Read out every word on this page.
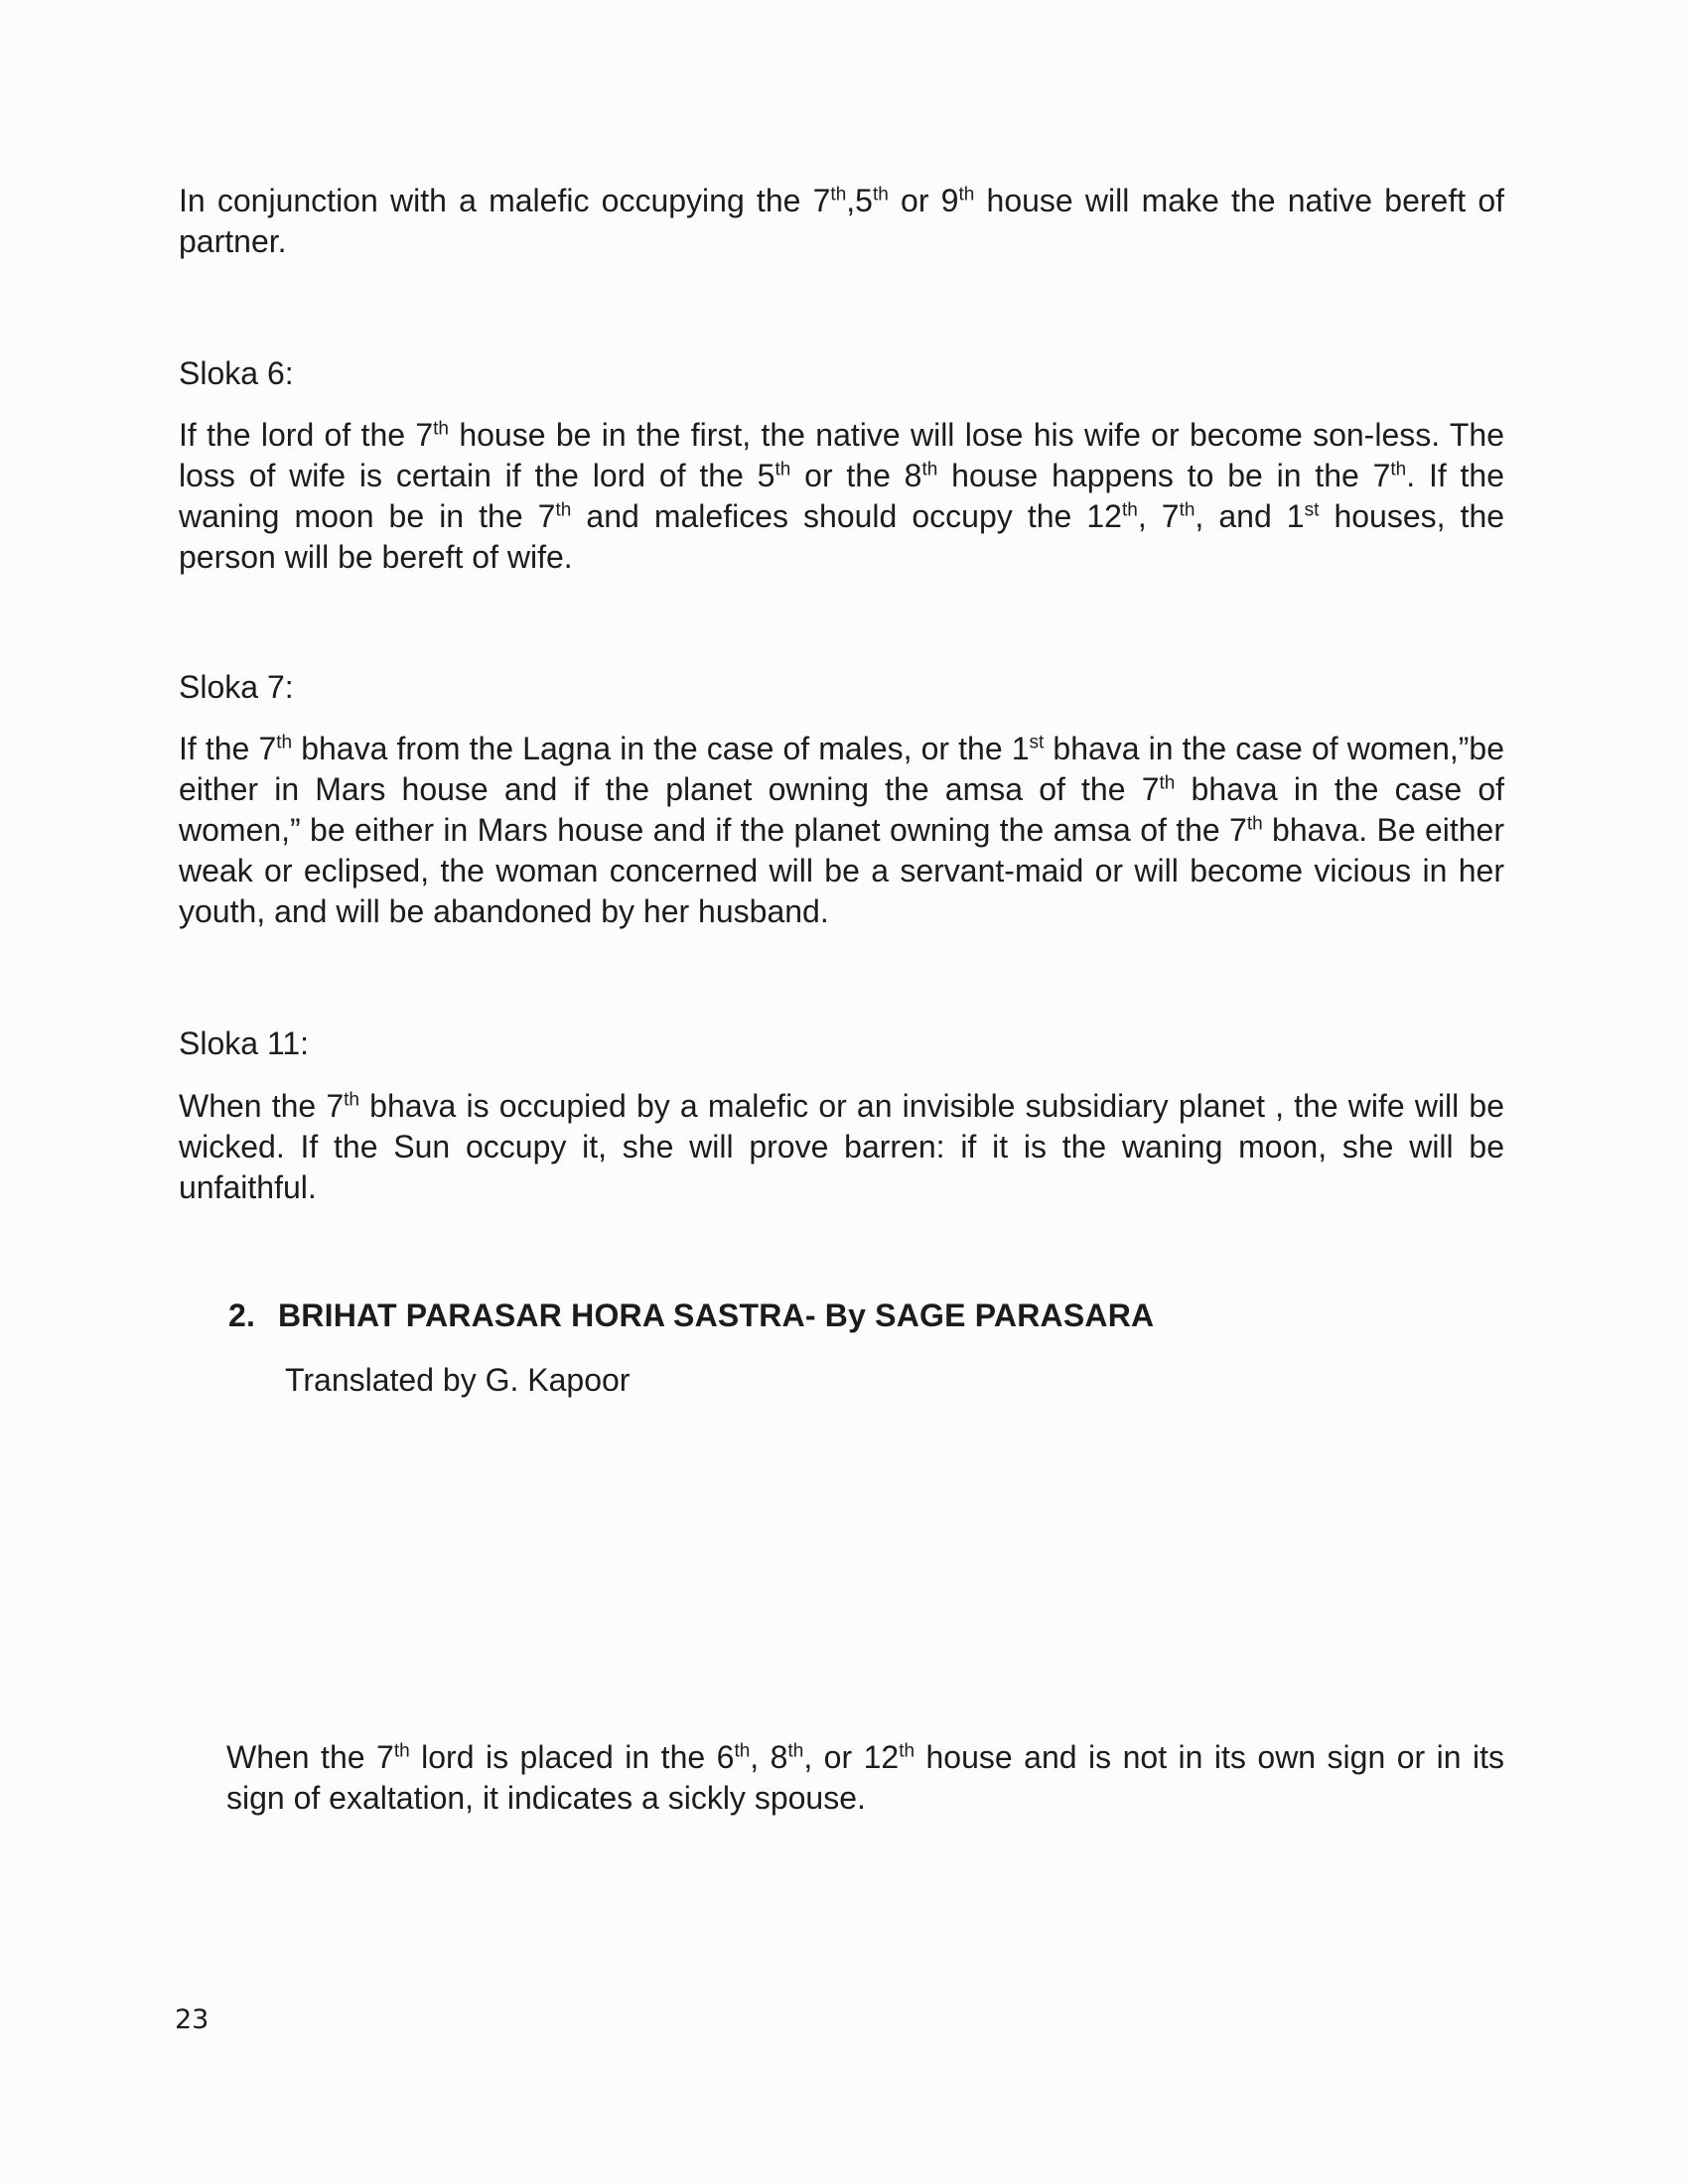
In conjunction with a malefic occupying the 7th,5th or 9th house will make the native bereft of partner.

Sloka 6:

If the lord of the 7th house be in the first, the native will lose his wife or become son-less. The loss of wife is certain if the lord of the 5th or the 8th house happens to be in the 7th. If the waning moon be in the 7th and malefices should occupy the 12th, 7th, and 1st houses, the person will be bereft of wife.

Sloka 7:

If the 7th bhava from the Lagna in the case of males, or the 1st bhava in the case of women,”be either in Mars house and if the planet owning the amsa of the 7th bhava in the case of women,” be either in Mars house and if the planet owning the amsa of the 7th bhava. Be either weak or eclipsed, the woman concerned will be a servant-maid or will become vicious in her youth, and will be abandoned by her husband.

Sloka 11:

When the 7th bhava is occupied by a malefic or an invisible subsidiary planet , the wife will be wicked. If the Sun occupy it, she will prove barren: if it is the waning moon, she will be unfaithful.

2. BRIHAT PARASAR HORA SASTRA- By SAGE PARASARA

Translated by G. Kapoor

When the 7th lord is placed in the 6th, 8th, or 12th house and is not in its own sign or in its sign of exaltation, it indicates a sickly spouse.

23
